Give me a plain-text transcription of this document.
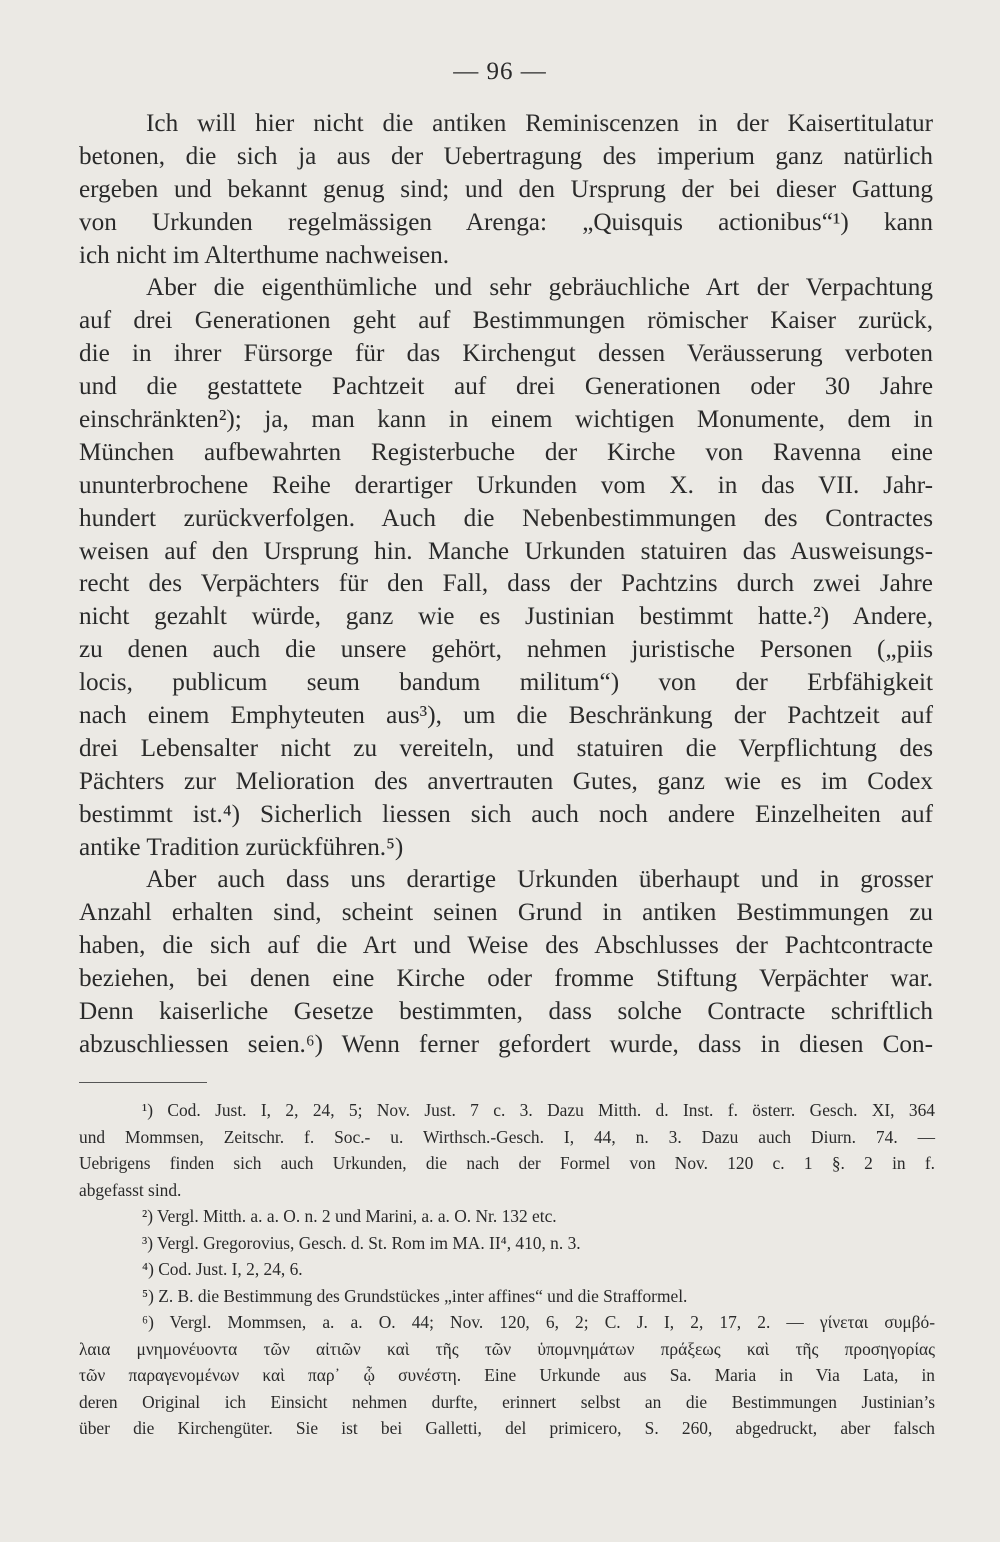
— 96 —
Ich will hier nicht die antiken Reminiscenzen in der Kaisertitulatur
betonen, die sich ja aus der Uebertragung des imperium ganz natürlich
ergeben und bekannt genug sind; und den Ursprung der bei dieser Gattung
von Urkunden regelmässigen Arenga: „Quisquis actionibus“¹) kann
ich nicht im Alterthume nachweisen.
Aber die eigenthümliche und sehr gebräuchliche Art der Verpachtung
auf drei Generationen geht auf Bestimmungen römischer Kaiser zurück,
die in ihrer Fürsorge für das Kirchengut dessen Veräusserung verboten
und die gestattete Pachtzeit auf drei Generationen oder 30 Jahre
einschränkten²); ja, man kann in einem wichtigen Monumente, dem in
München aufbewahrten Registerbuche der Kirche von Ravenna eine
ununterbrochene Reihe derartiger Urkunden vom X. in das VII. Jahr-
hundert zurückverfolgen. Auch die Nebenbestimmungen des Contractes
weisen auf den Ursprung hin. Manche Urkunden statuiren das Ausweisungs-
recht des Verpächters für den Fall, dass der Pachtzins durch zwei Jahre
nicht gezahlt würde, ganz wie es Justinian bestimmt hatte.²) Andere,
zu denen auch die unsere gehört, nehmen juristische Personen („piis
locis, publicum seum bandum militum“) von der Erbfähigkeit
nach einem Emphyteuten aus³), um die Beschränkung der Pachtzeit auf
drei Lebensalter nicht zu vereiteln, und statuiren die Verpflichtung des
Pächters zur Melioration des anvertrauten Gutes, ganz wie es im Codex
bestimmt ist.⁴) Sicherlich liessen sich auch noch andere Einzelheiten auf
antike Tradition zurückführen.⁵)
Aber auch dass uns derartige Urkunden überhaupt und in grosser
Anzahl erhalten sind, scheint seinen Grund in antiken Bestimmungen zu
haben, die sich auf die Art und Weise des Abschlusses der Pachtcontracte
beziehen, bei denen eine Kirche oder fromme Stiftung Verpächter war.
Denn kaiserliche Gesetze bestimmten, dass solche Contracte schriftlich
abzuschliessen seien.⁶) Wenn ferner gefordert wurde, dass in diesen Con-
¹) Cod. Just. I, 2, 24, 5; Nov. Just. 7 c. 3. Dazu Mitth. d. Inst. f. österr. Gesch. XI, 364
und Mommsen, Zeitschr. f. Soc.- u. Wirthsch.-Gesch. I, 44, n. 3. Dazu auch Diurn. 74. —
Uebrigens finden sich auch Urkunden, die nach der Formel von Nov. 120 c. 1 §. 2 in f.
abgefasst sind.
²) Vergl. Mitth. a. a. O. n. 2 und Marini, a. a. O. Nr. 132 etc.
³) Vergl. Gregorovius, Gesch. d. St. Rom im MA. II⁴, 410, n. 3.
⁴) Cod. Just. I, 2, 24, 6.
⁵) Z. B. die Bestimmung des Grundstückes „inter affines“ und die Strafformel.
⁶) Vergl. Mommsen, a. a. O. 44; Nov. 120, 6, 2; C. J. I, 2, 17, 2. — γίνεται συμβό-
λαια μνημονέυοντα τῶν αἰτιῶν καὶ τῆς τῶν ὑπομνημάτων πράξεως καὶ τῆς προσηγορίας
τῶν παραγενομένων καὶ παρ᾽ ᾧ συνέστη. Eine Urkunde aus Sa. Maria in Via Lata, in
deren Original ich Einsicht nehmen durfte, erinnert selbst an die Bestimmungen Justinian’s
über die Kirchengüter. Sie ist bei Galletti, del primicero, S. 260, abgedruckt, aber falsch
